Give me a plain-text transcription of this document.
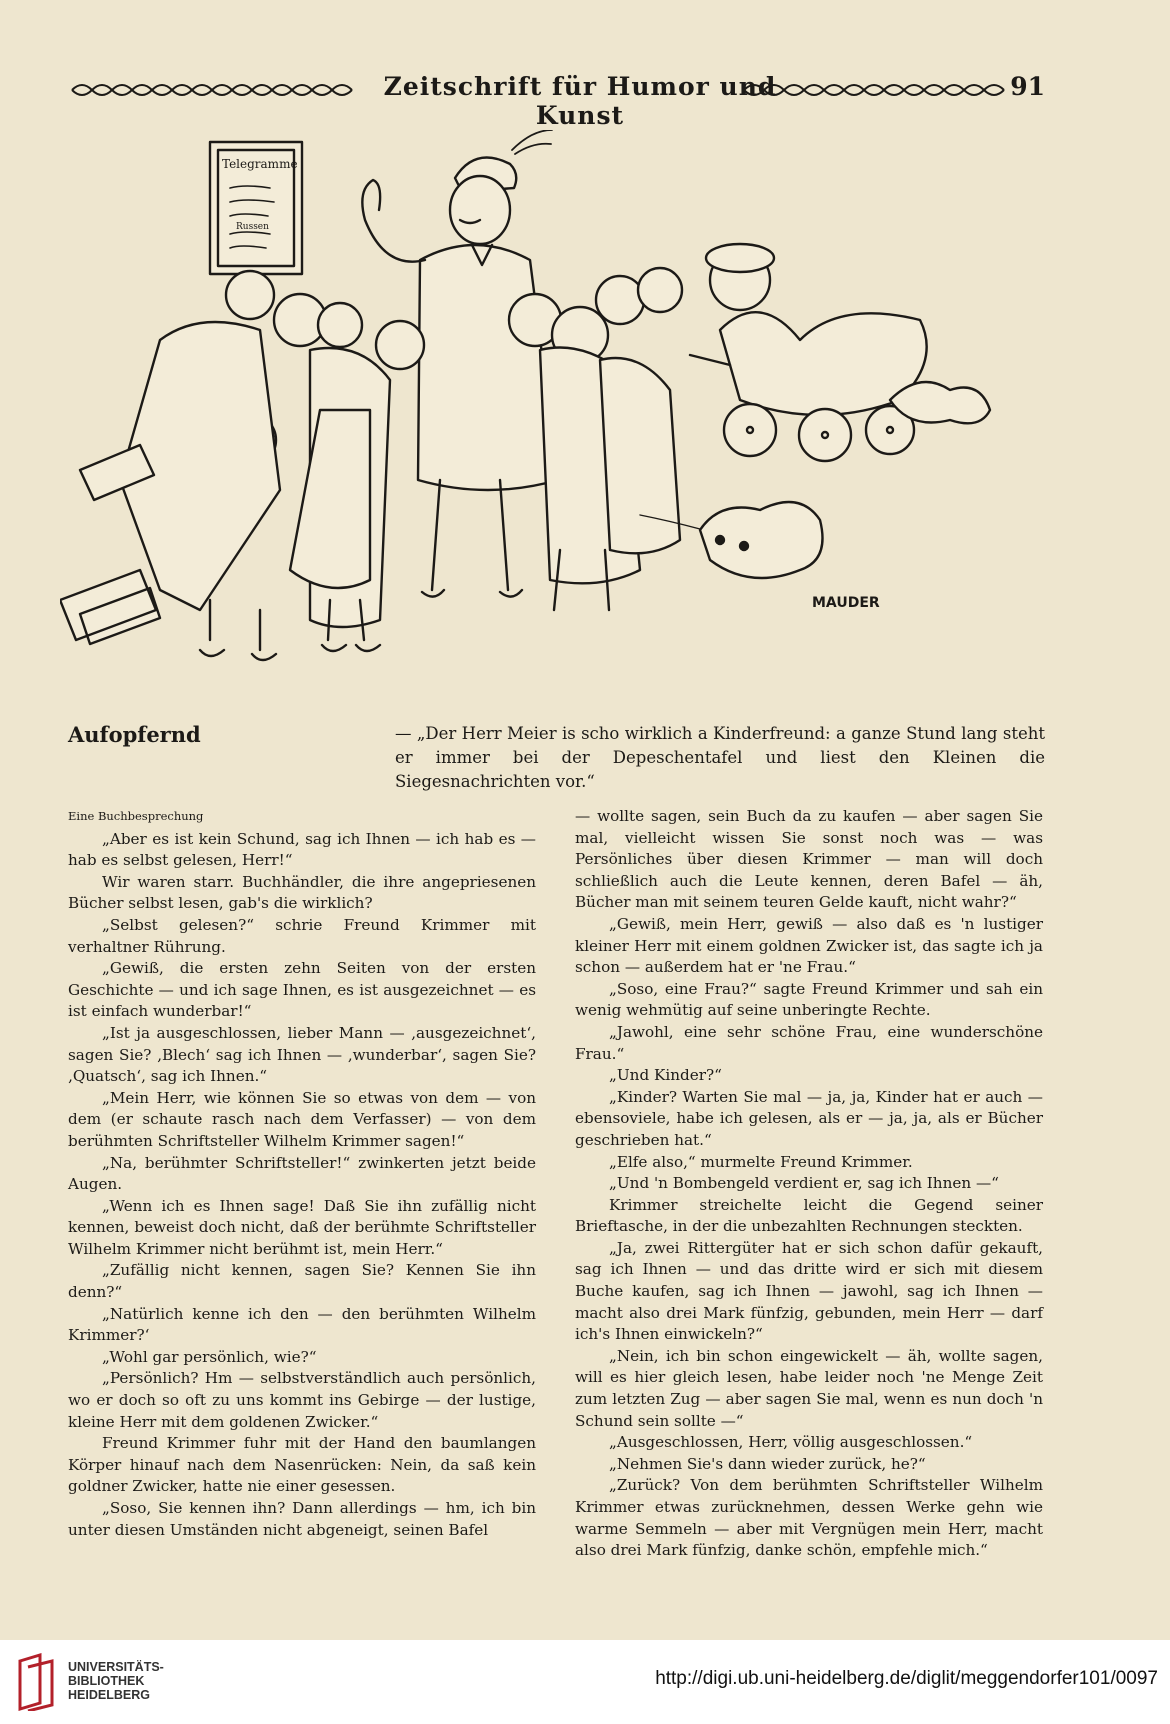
Zeitschrift für Humor und Kunst
91
Telegramme
Russen
MAUDER
Aufopfernd	— „Der Herr Meier is scho wirklich a Kinderfreund: a ganze Stund lang steht er immer bei der Depeschentafel und liest den Kleinen die Siegesnachrichten vor.“

Eine Buchbesprechung

„Aber es ist kein Schund, sag ich Ihnen — ich hab es — hab es selbst gelesen, Herr!“

Wir waren starr. Buchhändler, die ihre angepriesenen Bücher selbst lesen, gab's die wirklich?

„Selbst gelesen?“ schrie Freund Krimmer mit verhaltner Rührung.

„Gewiß, die ersten zehn Seiten von der ersten Geschichte — und ich sage Ihnen, es ist ausgezeichnet — es ist einfach wunderbar!“

„Ist ja ausgeschlossen, lieber Mann — ‚ausgezeichnet‘, sagen Sie? ‚Blech‘ sag ich Ihnen — ‚wunderbar‘, sagen Sie? ‚Quatsch‘, sag ich Ihnen.“

„Mein Herr, wie können Sie so etwas von dem — von dem (er schaute rasch nach dem Verfasser) — von dem berühmten Schriftsteller Wilhelm Krimmer sagen!“

„Na, berühmter Schriftsteller!“ zwinkerten jetzt beide Augen.

„Wenn ich es Ihnen sage! Daß Sie ihn zufällig nicht kennen, beweist doch nicht, daß der berühmte Schriftsteller Wilhelm Krimmer nicht berühmt ist, mein Herr.“

„Zufällig nicht kennen, sagen Sie? Kennen Sie ihn denn?“

„Natürlich kenne ich den — den berühmten Wilhelm Krimmer?‘

„Wohl gar persönlich, wie?“

„Persönlich? Hm — selbstverständlich auch persönlich, wo er doch so oft zu uns kommt ins Gebirge — der lustige, kleine Herr mit dem goldenen Zwicker.“

Freund Krimmer fuhr mit der Hand den baumlangen Körper hinauf nach dem Nasenrücken: Nein, da saß kein goldner Zwicker, hatte nie einer gesessen.

„Soso, Sie kennen ihn? Dann allerdings — hm, ich bin unter diesen Umständen nicht abgeneigt, seinen Bafel

— wollte sagen, sein Buch da zu kaufen — aber sagen Sie mal, vielleicht wissen Sie sonst noch was — was Persönliches über diesen Krimmer — man will doch schließlich auch die Leute kennen, deren Bafel — äh, Bücher man mit seinem teuren Gelde kauft, nicht wahr?“

„Gewiß, mein Herr, gewiß — also daß es 'n lustiger kleiner Herr mit einem goldnen Zwicker ist, das sagte ich ja schon — außerdem hat er 'ne Frau.“

„Soso, eine Frau?“ sagte Freund Krimmer und sah ein wenig wehmütig auf seine unberingte Rechte.

„Jawohl, eine sehr schöne Frau, eine wunderschöne Frau.“

„Und Kinder?“

„Kinder? Warten Sie mal — ja, ja, Kinder hat er auch — ebensoviele, habe ich gelesen, als er — ja, ja, als er Bücher geschrieben hat.“

„Elfe also,“ murmelte Freund Krimmer.

„Und 'n Bombengeld verdient er, sag ich Ihnen —“

Krimmer streichelte leicht die Gegend seiner Brieftasche, in der die unbezahlten Rechnungen steckten.

„Ja, zwei Rittergüter hat er sich schon dafür gekauft, sag ich Ihnen — und das dritte wird er sich mit diesem Buche kaufen, sag ich Ihnen — jawohl, sag ich Ihnen — macht also drei Mark fünfzig, gebunden, mein Herr — darf ich's Ihnen einwickeln?“

„Nein, ich bin schon eingewickelt — äh, wollte sagen, will es hier gleich lesen, habe leider noch 'ne Menge Zeit zum letzten Zug — aber sagen Sie mal, wenn es nun doch 'n Schund sein sollte —“

„Ausgeschlossen, Herr, völlig ausgeschlossen.“

„Nehmen Sie's dann wieder zurück, he?“

„Zurück? Von dem berühmten Schriftsteller Wilhelm Krimmer etwas zurücknehmen, dessen Werke gehn wie warme Semmeln — aber mit Vergnügen mein Herr, macht also drei Mark fünfzig, danke schön, empfehle mich.“

UNIVERSITÄTS-
BIBLIOTHEK
HEIDELBERG
http://digi.ub.uni-heidelberg.de/diglit/meggendorfer101/0097
